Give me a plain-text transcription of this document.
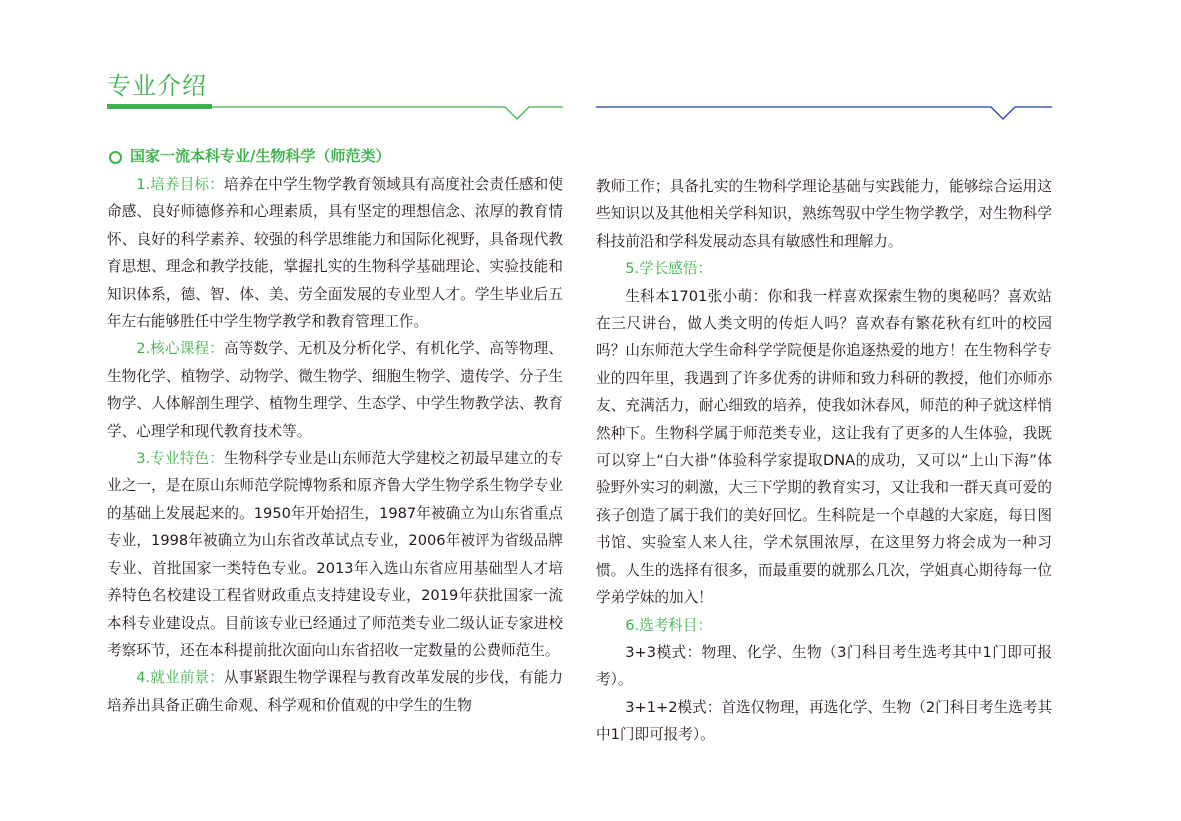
专业介绍
国家一流本科专业/生物科学（师范类）

1.培养目标：培养在中学生物学教育领域具有高度社会责任感和使命感、良好师德修养和心理素质，具有坚定的理想信念、浓厚的教育情怀、良好的科学素养、较强的科学思维能力和国际化视野，具备现代教育思想、理念和教学技能，掌握扎实的生物科学基础理论、实验技能和知识体系，德、智、体、美、劳全面发展的专业型人才。学生毕业后五年左右能够胜任中学生物学教学和教育管理工作。

2.核心课程：高等数学、无机及分析化学、有机化学、高等物理、生物化学、植物学、动物学、微生物学、细胞生物学、遗传学、分子生物学、人体解剖生理学、植物生理学、生态学、中学生物教学法、教育学、心理学和现代教育技术等。

3.专业特色：生物科学专业是山东师范大学建校之初最早建立的专业之一，是在原山东师范学院博物系和原齐鲁大学生物学系生物学专业的基础上发展起来的。1950年开始招生，1987年被确立为山东省重点专业，1998年被确立为山东省改革试点专业，2006年被评为省级品牌专业、首批国家一类特色专业。2013年入选山东省应用基础型人才培养特色名校建设工程省财政重点支持建设专业，2019年获批国家一流本科专业建设点。目前该专业已经通过了师范类专业二级认证专家进校考察环节，还在本科提前批次面向山东省招收一定数量的公费师范生。

4.就业前景：从事紧跟生物学课程与教育改革发展的步伐，有能力培养出具备正确生命观、科学观和价值观的中学生的生物

教师工作；具备扎实的生物科学理论基础与实践能力，能够综合运用这些知识以及其他相关学科知识，熟练驾驭中学生物学教学，对生物科学科技前沿和学科发展动态具有敏感性和理解力。

5.学长感悟：

生科本1701张小萌：你和我一样喜欢探索生物的奥秘吗？喜欢站在三尺讲台，做人类文明的传炬人吗？喜欢春有繁花秋有红叶的校园吗？山东师范大学生命科学学院便是你追逐热爱的地方！在生物科学专业的四年里，我遇到了许多优秀的讲师和致力科研的教授，他们亦师亦友、充满活力，耐心细致的培养，使我如沐春风，师范的种子就这样悄然种下。生物科学属于师范类专业，这让我有了更多的人生体验，我既可以穿上“白大褂”体验科学家提取DNA的成功，又可以“上山下海”体验野外实习的刺激，大三下学期的教育实习，又让我和一群天真可爱的孩子创造了属于我们的美好回忆。生科院是一个卓越的大家庭，每日图书馆、实验室人来人往，学术氛围浓厚，在这里努力将会成为一种习惯。人生的选择有很多，而最重要的就那么几次，学姐真心期待每一位学弟学妹的加入！

6.选考科目：

3+3模式：物理、化学、生物（3门科目考生选考其中1门即可报考）。

3+1+2模式：首选仅物理，再选化学、生物（2门科目考生选考其中1门即可报考）。
